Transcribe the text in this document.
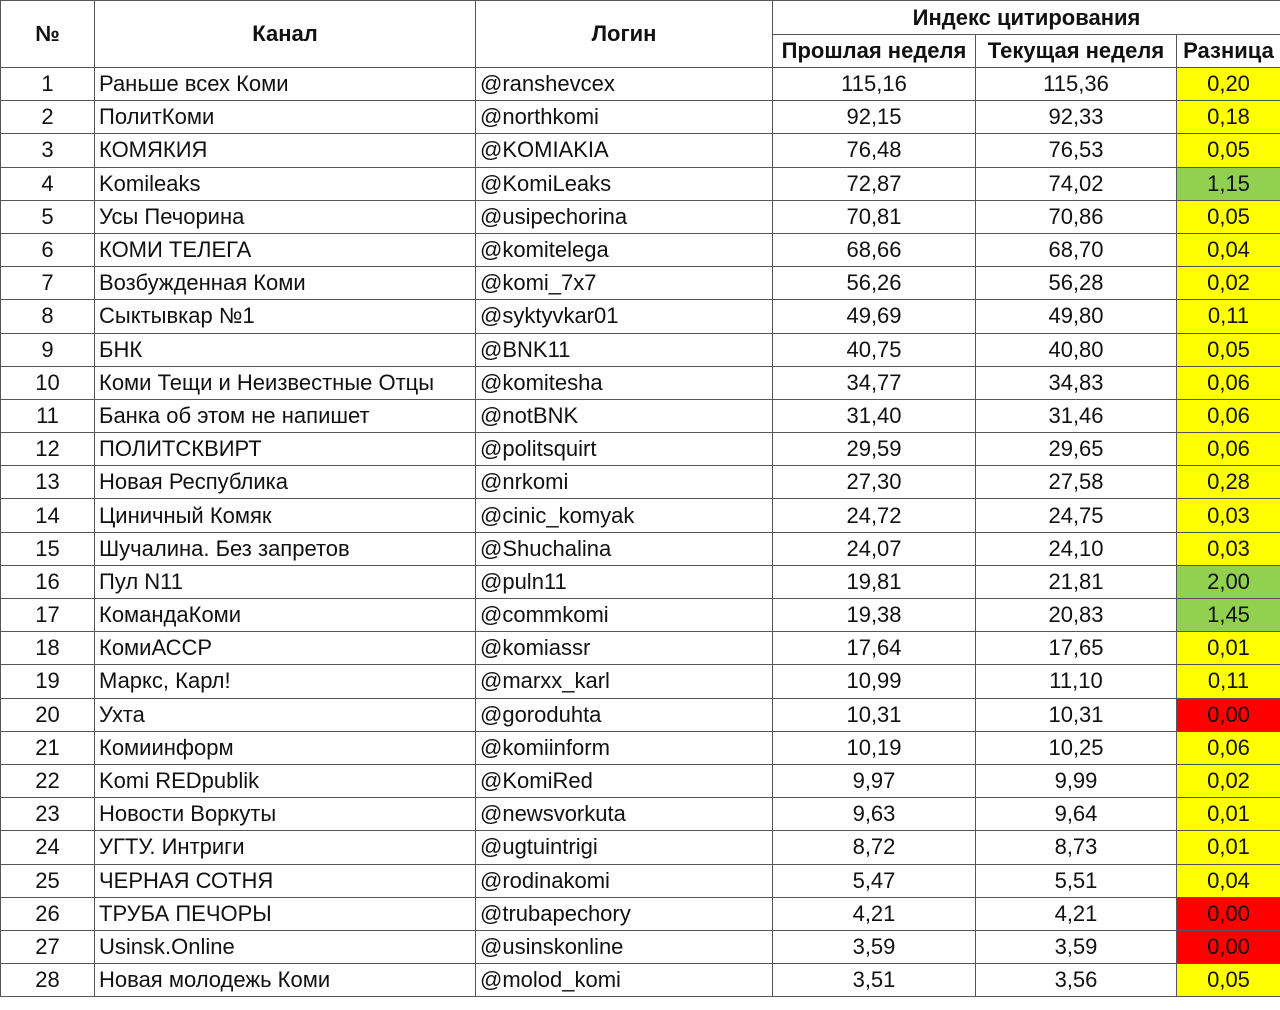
№	Канал	Логин	Индекс цитирования		
			Прошлая неделя	Текущая неделя	Разница
1	Раньше всех Коми	@ranshevcex	115,16	115,36	0,20
2	ПолитКоми	@northkomi	92,15	92,33	0,18
3	КОМЯКИЯ	@KOMIAKIA	76,48	76,53	0,05
4	Komileaks	@KomiLeaks	72,87	74,02	1,15
5	Усы Печорина	@usipechorina	70,81	70,86	0,05
6	КОМИ ТЕЛЕГА	@komitelega	68,66	68,70	0,04
7	Возбужденная Коми	@komi_7x7	56,26	56,28	0,02
8	Сыктывкар №1	@syktyvkar01	49,69	49,80	0,11
9	БНК	@BNK11	40,75	40,80	0,05
10	Коми Тещи и Неизвестные Отцы	@komitesha	34,77	34,83	0,06
11	Банка об этом не напишет	@notBNK	31,40	31,46	0,06
12	ПОЛИТСКВИРТ	@politsquirt	29,59	29,65	0,06
13	Новая Республика	@nrkomi	27,30	27,58	0,28
14	Циничный Комяк	@cinic_komyak	24,72	24,75	0,03
15	Шучалина. Без запретов	@Shuchalina	24,07	24,10	0,03
16	Пул N11	@puln11	19,81	21,81	2,00
17	КомандаКоми	@commkomi	19,38	20,83	1,45
18	КомиАССР	@komiassr	17,64	17,65	0,01
19	Маркс, Карл!	@marxx_karl	10,99	11,10	0,11
20	Ухта	@goroduhta	10,31	10,31	0,00
21	Комиинформ	@komiinform	10,19	10,25	0,06
22	Komi REDpublik	@KomiRed	9,97	9,99	0,02
23	Новости Воркуты	@newsvorkuta	9,63	9,64	0,01
24	УГТУ. Интриги	@ugtuintrigi	8,72	8,73	0,01
25	ЧЕРНАЯ СОТНЯ	@rodinakomi	5,47	5,51	0,04
26	ТРУБА ПЕЧОРЫ	@trubapechory	4,21	4,21	0,00
27	Usinsk.Online	@usinskonline	3,59	3,59	0,00
28	Новая молодежь Коми	@molod_komi	3,51	3,56	0,05
